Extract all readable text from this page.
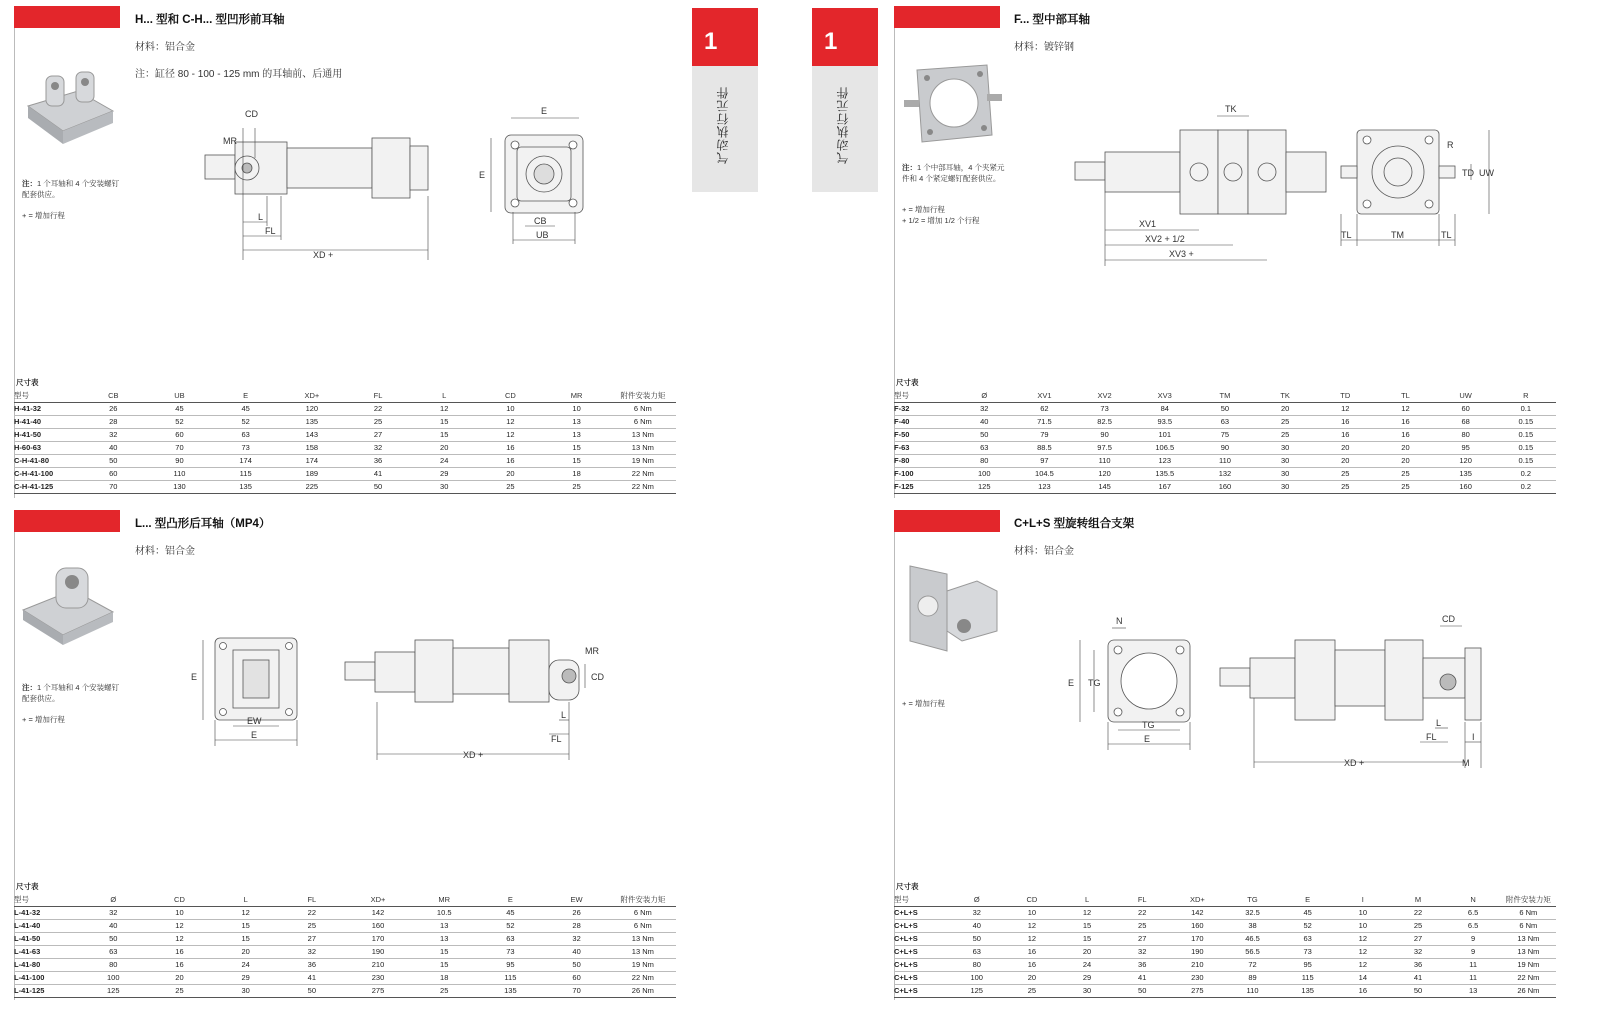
1
气动执行元件
1
气动执行元件
H... 型和 C-H... 型凹形前耳轴
材料：铝合金
注：缸径 80 - 100 - 125 mm 的耳轴前、后通用
注：1 个耳轴和 4 个安装螺钉配套供应。
+ = 增加行程
CD
MR
L
FL
XD +
E
E
CB
UB
尺寸表
型号	CB	UB	E	XD+	FL	L	CD	MR	附件安装力矩
H-41-32	26	45	45	120	22	12	10	10	6 Nm
H-41-40	28	52	52	135	25	15	12	13	6 Nm
H-41-50	32	60	63	143	27	15	12	13	13 Nm
H-60-63	40	70	73	158	32	20	16	15	13 Nm
C-H-41-80	50	90	174	174	36	24	16	15	19 Nm
C-H-41-100	60	110	115	189	41	29	20	18	22 Nm
C-H-41-125	70	130	135	225	50	30	25	25	22 Nm
F... 型中部耳轴
材料：镀锌钢
注：1 个中部耳轴，4 个夹紧元件和 4 个紧定螺钉配套供应。
+ = 增加行程
+ 1/2 = 增加 1/2 个行程
TK
XV1
XV2 + 1/2
XV3 +
R
TD UW
TL	TM	TL
尺寸表
型号	Ø	XV1	XV2	XV3	TM	TK	TD	TL	UW	R
F-32	32	62	73	84	50	20	12	12	60	0.1
F-40	40	71.5	82.5	93.5	63	25	16	16	68	0.15
F-50	50	79	90	101	75	25	16	16	80	0.15
F-63	63	88.5	97.5	106.5	90	30	20	20	95	0.15
F-80	80	97	110	123	110	30	20	20	120	0.15
F-100	100	104.5	120	135.5	132	30	25	25	135	0.2
F-125	125	123	145	167	160	30	25	25	160	0.2
L... 型凸形后耳轴（MP4）
材料：铝合金
注：1 个耳轴和 4 个安装螺钉配套供应。
+ = 增加行程
E
EW
E
XD +
MR
CD
L
FL
尺寸表
型号	Ø	CD	L	FL	XD+	MR	E	EW	附件安装力矩
L-41-32	32	10	12	22	142	10.5	45	26	6 Nm
L-41-40	40	12	15	25	160	13	52	28	6 Nm
L-41-50	50	12	15	27	170	13	63	32	13 Nm
L-41-63	63	16	20	32	190	15	73	40	13 Nm
L-41-80	80	16	24	36	210	15	95	50	19 Nm
L-41-100	100	20	29	41	230	18	115	60	22 Nm
L-41-125	125	25	30	50	275	25	135	70	26 Nm
C+L+S 型旋转组合支架
材料：铝合金
+ = 增加行程
N
TG
E
TG
E
CD
L
FL	I
XD +	M
尺寸表
型号	Ø	CD	L	FL	XD+	TG	E	I	M	N	附件安装力矩
C+L+S	32	10	12	22	142	32.5	45	10	22	6.5	6 Nm
C+L+S	40	12	15	25	160	38	52	10	25	6.5	6 Nm
C+L+S	50	12	15	27	170	46.5	63	12	27	9	13 Nm
C+L+S	63	16	20	32	190	56.5	73	12	32	9	13 Nm
C+L+S	80	16	24	36	210	72	95	12	36	11	19 Nm
C+L+S	100	20	29	41	230	89	115	14	41	11	22 Nm
C+L+S	125	25	30	50	275	110	135	16	50	13	26 Nm
